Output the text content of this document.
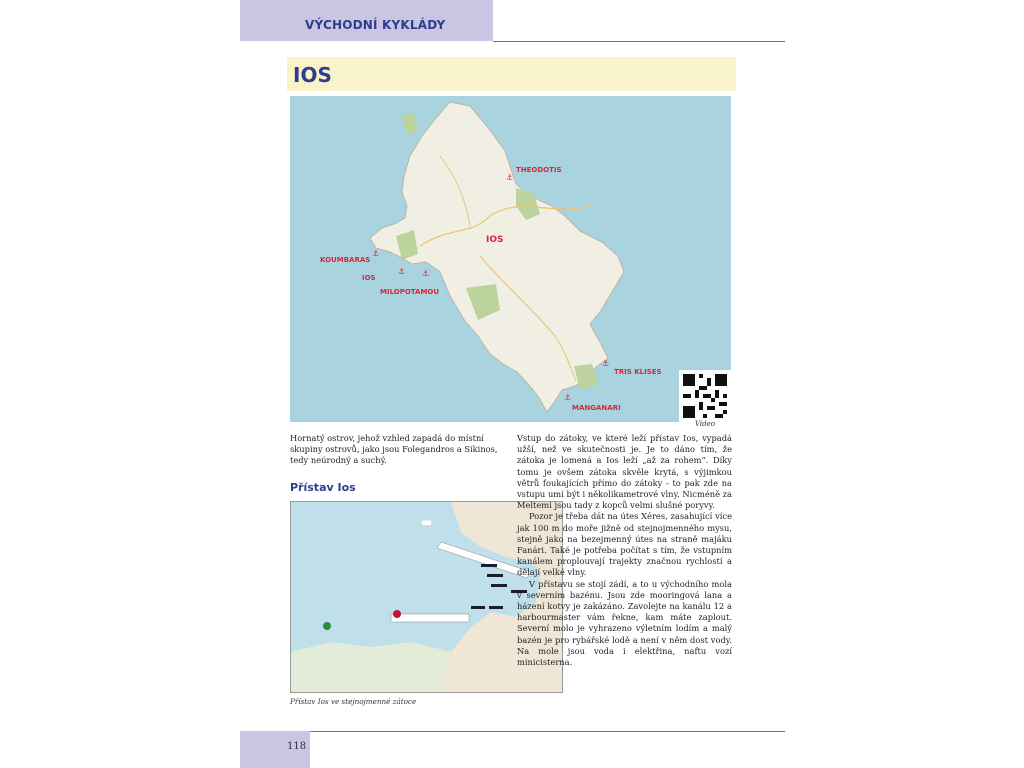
VÝCHODNÍ KYKLÁDY
IOS
THEODOTIS
IOS
KOUMBARAS
IOS
MILOPOTAMOU
TRIS KLISES
MANGANARI
⚓
⚓
⚓ ⚓
⚓
⚓
Video

Hornatý ostrov, jehož vzhled zapadá do místní skupiny ostrovů, jako jsou Folegandros a Sikinos, tedy neúrodný a suchý.

Přístav Ios
▬
Přístav Ios ve stejnojmenné zátoce

Vstup do zátoky, ve které leží přístav Ios, vypadá užší, než ve skutečnosti je. Je to dáno tím, že zátoka je lomená a Ios leží „až za rohem“. Díky tomu je ovšem zátoka skvěle krytá, s výjimkou větrů foukajících přímo do zátoky - to pak zde na vstupu umí být i několikametrové vlny. Nicméně za Meltemi jsou tady z kopců velmi slušné poryvy.

Pozor je třeba dát na útes Xéres, zasahující více jak 100 m do moře jižně od stejnojmenného mysu, stejně jako na bezejmenný útes na straně majáku Fanári. Také je potřeba počítat s tím, že vstupním kanálem proplouvají trajekty značnou rychlostí a dělají velké vlny.

V přístavu se stojí zádí, a to u východního mola v severním bazénu. Jsou zde mooringová lana a házení kotvy je zakázáno. Zavolejte na kanálu 12 a harbourmaster vám řekne, kam máte zaplout. Severní molo je vyhrazeno výletním lodím a malý bazén je pro rybářské lodě a není v něm dost vody. Na mole jsou voda i elektřina, naftu vozí minicisterna.

118
